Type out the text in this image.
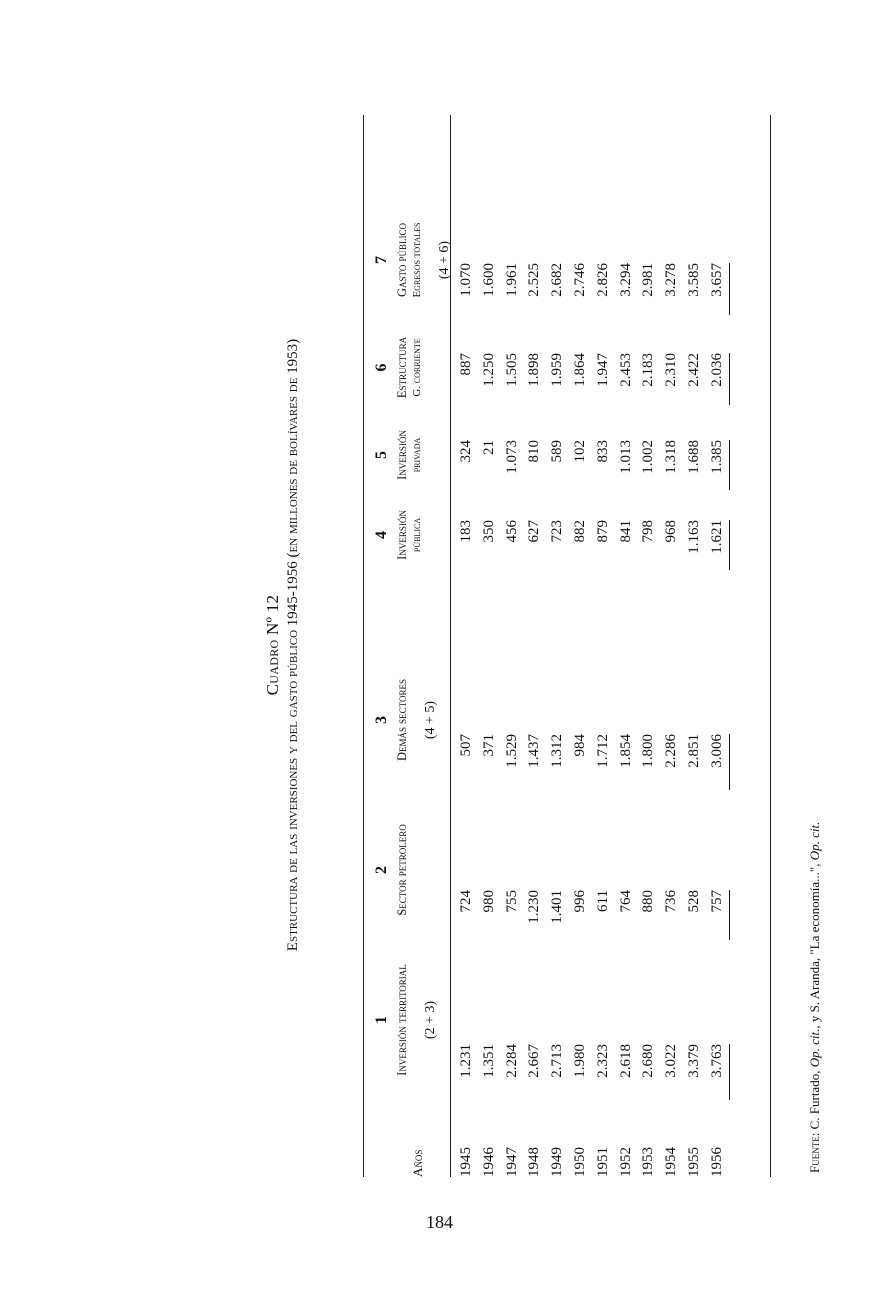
Cuadro Nº 12 Estructura de las inversiones y del gasto público 1945-1956 (en millones de bolívares de 1953)
Años
1 Inversión territorial (2 + 3)
2 Sector petrolero
3 Demás sectores (4 + 5)
4 Inversión pública
5 Inversión privada
6 Estructura G. corriente
7 Gasto público Egresos totales (4 + 6)
1945 1946 1947 1948 1949 1950 1951 1952 1953 1954 1955 1956
1.231 1.351 2.284 2.667 2.713 1.980 2.323 2.618 2.680 3.022 3.379 3.763
724 980 755 1.230 1.401 996 611 764 880 736 528 757
507 371 1.529 1.437 1.312 984 1.712 1.854 1.800 2.286 2.851 3.006
183 350 456 627 723 882 879 841 798 968 1.163 1.621
324 21 1.073 810 589 102 833 1.013 1.002 1.318 1.688 1.385
887 1.250 1.505 1.898 1.959 1.864 1.947 2.453 2.183 2.310 2.422 2.036
1.070 1.600 1.961 2.525 2.682 2.746 2.826 3.294 2.981 3.278 3.585 3.657
Fuente: C. Furtado, Op. cit., y S. Aranda, "La economía...", Op. cit.
184
